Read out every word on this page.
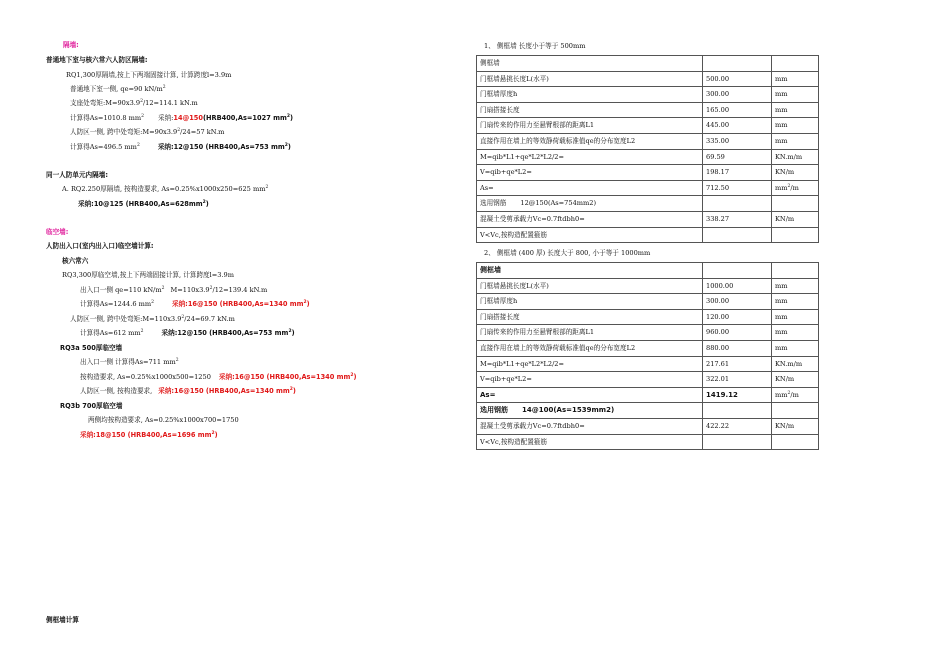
隔墙:
普通地下室与核六常六人防区隔墙:
RQ1,300厚隔墙,按上下两端固接计算, 计算跨度l=3.9m
普通地下室一侧, qe=90 $kN/m^2$
支座处弯矩$:M=90x3.9^2/12=114.1$ kN.m
计算得As=1010.8 $mm^2$ 采纳:14@150(HRB400,As=1027 $mm^2$)
人防区一侧, 跨中处弯矩$:M=90x3.9^2/24=57$ kN.m
计算得As=496.5 $mm^2$	采纳:12@150 (HRB400,As=753 $mm^2$)
同一人防单元内隔墙:
A. RQ2.250厚隔墙, 按构造要求, As=0.25%x1000x250=625 $mm^2$
采纳:10@125 $(HRB400,As=628mm^2)$
临空墙:
人防出入口(室内出入口)临空墙计算:
核六常六
RQ3,300厚临空墙,按上下两端固接计算, 计算跨度l=3.9m
出入口一侧 qe=110 $kN/m^2$ $M=110x3.9^2/12=139.4$ kN.m
计算得As=1244.6 $mm^2$	采纳:16@150 (HRB400,As=1340 $mm^2$)
人防区一侧, 跨中处弯矩$:M=110x3.9^2/24=69.7$ kN.m
计算得As=612 $mm^2$	采纳:12@150 (HRB400,As=753 $mm^2$)
RQ3a 500厚临空墙
出入口一侧 计算得As=711 $mm^2$
按构造要求, As=0.25%x1000x500=1250 采纳:16@150 (HRB400,As=1340 $mm^2$)
人防区一侧, 按构造要求, 采纳:16@150 (HRB400,As=1340 $mm^2$)
RQ3b 700厚临空墙
两侧均按构造要求, As=0.25%x1000x700=1750
采纳:18@150 (HRB400,As=1696 $mm^2$)
侧框墙计算
1、 侧框墙 长度小于等于 500mm
侧框墙		
门框墙悬挑长度L(水平)	500.00	mm
门框墙厚度h	300.00	mm
门扇搭接长度	165.00	mm
门扇传来的作用力至悬臂根部的距离L1	445.00	mm
直接作用在墙上的等效静荷载标准值qe的分布宽度L2	335.00	mm
M=qib*L1+qe*L2*L2/2=	69.59	KN.m/m
V=qib+qe*L2=	198.17	KN/m
As=	712.50	$mm^2/m$
选用钢筋 12@150(As=754mm2)		
混凝土受剪承载力Vc=0.7ftdbh0=	338.27	KN/m
V<Vc,按构造配置箍筋		
2、 侧框墙 (400 厚) 长度大于 800, 小于等于 1000mm
侧框墙		
门框墙悬挑长度L(水平)	1000.00	mm
门框墙厚度h	300.00	mm
门扇搭接长度	120.00	mm
门扇传来的作用力至悬臂根部的距离L1	960.00	mm
直接作用在墙上的等效静荷载标准值qe的分布宽度L2	880.00	mm
M=qib*L1+qe*L2*L2/2=	217.61	KN.m/m
V=qib+qe*L2=	322.01	KN/m
As=	1419.12	$mm^2/m$
选用钢筋 14@100(As=1539mm2)		
混凝土受剪承载力Vc=0.7ftdbh0=	422.22	KN/m
V<Vc,按构造配置箍筋		
